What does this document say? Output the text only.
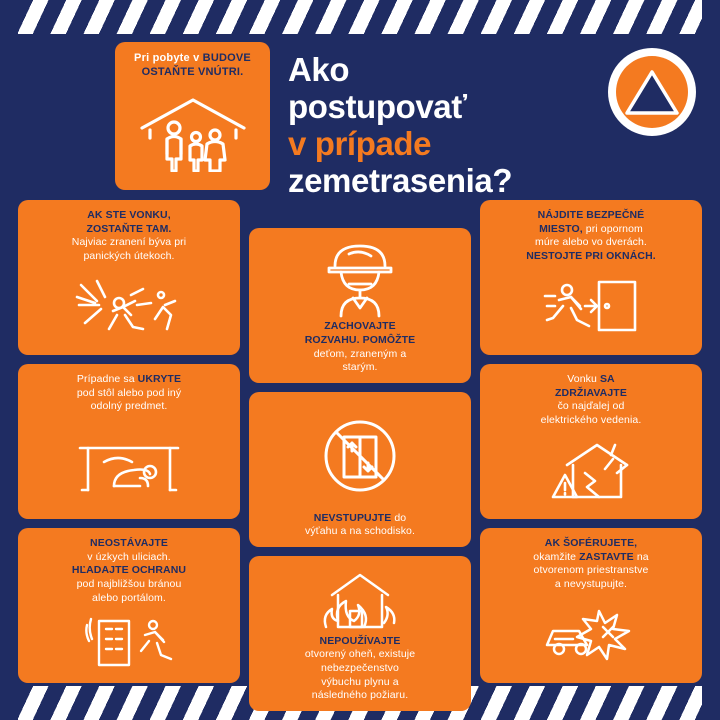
Pri pobyte v BUDOVE
OSTAŇTE VNÚTRI. Ako
postupovať
v prípade
zemetrasenia?
AK STE VONKU,
ZOSTAŇTE TAM.
Najviac zranení býva pri
panických útekoch.
ZACHOVAJTE
ROZVAHU. POMÔŽTE
deťom, zraneným a
starým.
NÁJDITE BEZPEČNÉ
MIESTO, pri opornom
múre alebo vo dverách.
NESTOJTE PRI OKNÁCH.
Prípadne sa UKRYTE
pod stôl alebo pod iný
odolný predmet.
NEVSTUPUJTE do
výťahu a na schodisko.
Vonku SA
ZDRŽIAVAJTE
čo najďalej od
elektrického vedenia.
NEOSTÁVAJTE
v úzkych uliciach.
HĽADAJTE OCHRANU
pod najbližšou bránou
alebo portálom.
NEPOUŽÍVAJTE
otvorený oheň, existuje
nebezpečenstvo
výbuchu plynu a
následného požiaru.
AK ŠOFÉRUJETE,
okamžite ZASTAVTE na
otvorenom priestranstve
a nevystupujte.
